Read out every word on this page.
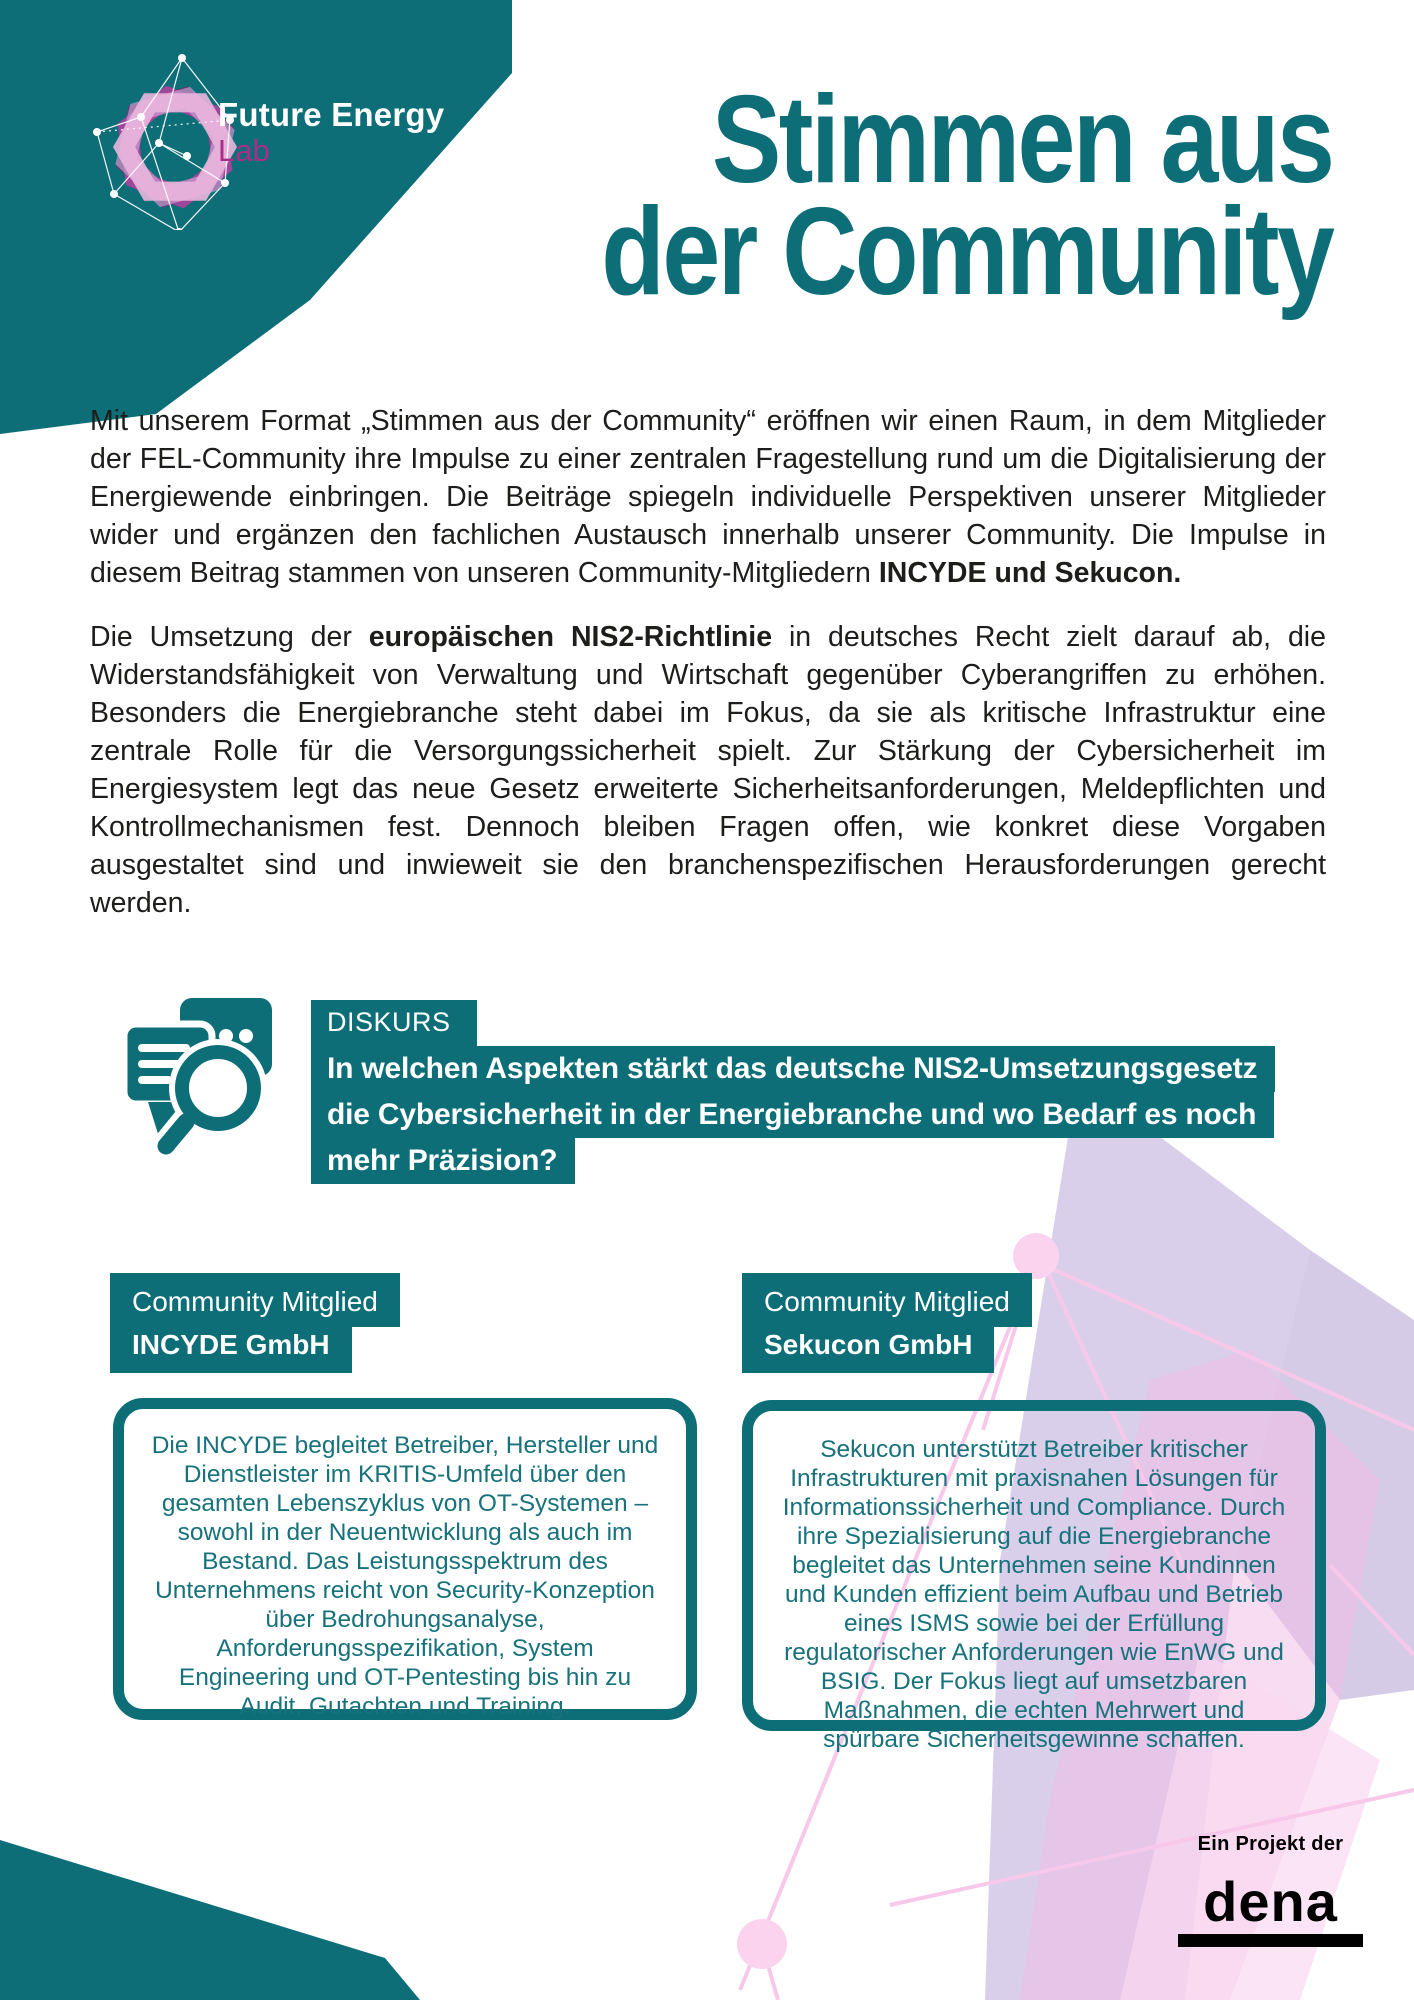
Future Energy
Lab	Stimmen aus
der Community

Mit unserem Format „Stimmen aus der Community“ eröffnen wir einen Raum, in dem Mitglieder der FEL-Community ihre Impulse zu einer zentralen Fragestellung rund um die Digitalisierung der Energiewende einbringen. Die Beiträge spiegeln individuelle Perspektiven unserer Mitglieder wider und ergänzen den fachlichen Austausch innerhalb unserer Community. Die Impulse in diesem Beitrag stammen von unseren Community-Mitgliedern INCYDE und Sekucon.

Die Umsetzung der europäischen NIS2-Richtlinie in deutsches Recht zielt darauf ab, die Widerstandsfähigkeit von Verwaltung und Wirtschaft gegenüber Cyberangriffen zu erhöhen. Besonders die Energiebranche steht dabei im Fokus, da sie als kritische Infrastruktur eine zentrale Rolle für die Versorgungssicherheit spielt. Zur Stärkung der Cybersicherheit im Energiesystem legt das neue Gesetz erweiterte Sicherheitsanforderungen, Meldepflichten und Kontrollmechanismen fest. Dennoch bleiben Fragen offen, wie konkret diese Vorgaben ausgestaltet sind und inwieweit sie den branchenspezifischen Herausforderungen gerecht werden.

DISKURS
In welchen Aspekten stärkt das deutsche NIS2-Umsetzungsgesetz
die Cybersicherheit in der Energiebranche und wo Bedarf es noch
mehr Präzision?
Community Mitglied
INCYDE GmbH
Community Mitglied
Sekucon GmbH
Die INCYDE begleitet Betreiber, Hersteller und Dienstleister im KRITIS-Umfeld über den gesamten Lebenszyklus von OT-Systemen – sowohl in der Neuentwicklung als auch im Bestand. Das Leistungsspektrum des Unternehmens reicht von Security-Konzeption über Bedrohungsanalyse, Anforderungsspezifikation, System Engineering und OT-Pentesting bis hin zu Audit, Gutachten und Training.
Sekucon unterstützt Betreiber kritischer Infrastrukturen mit praxisnahen Lösungen für Informationssicherheit und Compliance. Durch ihre Spezialisierung auf die Energiebranche begleitet das Unternehmen seine Kundinnen und Kunden effizient beim Aufbau und Betrieb eines ISMS sowie bei der Erfüllung regulatorischer Anforderungen wie EnWG und BSIG. Der Fokus liegt auf umsetzbaren Maßnahmen, die echten Mehrwert und spürbare Sicherheitsgewinne schaffen.
Ein Projekt der
dena
